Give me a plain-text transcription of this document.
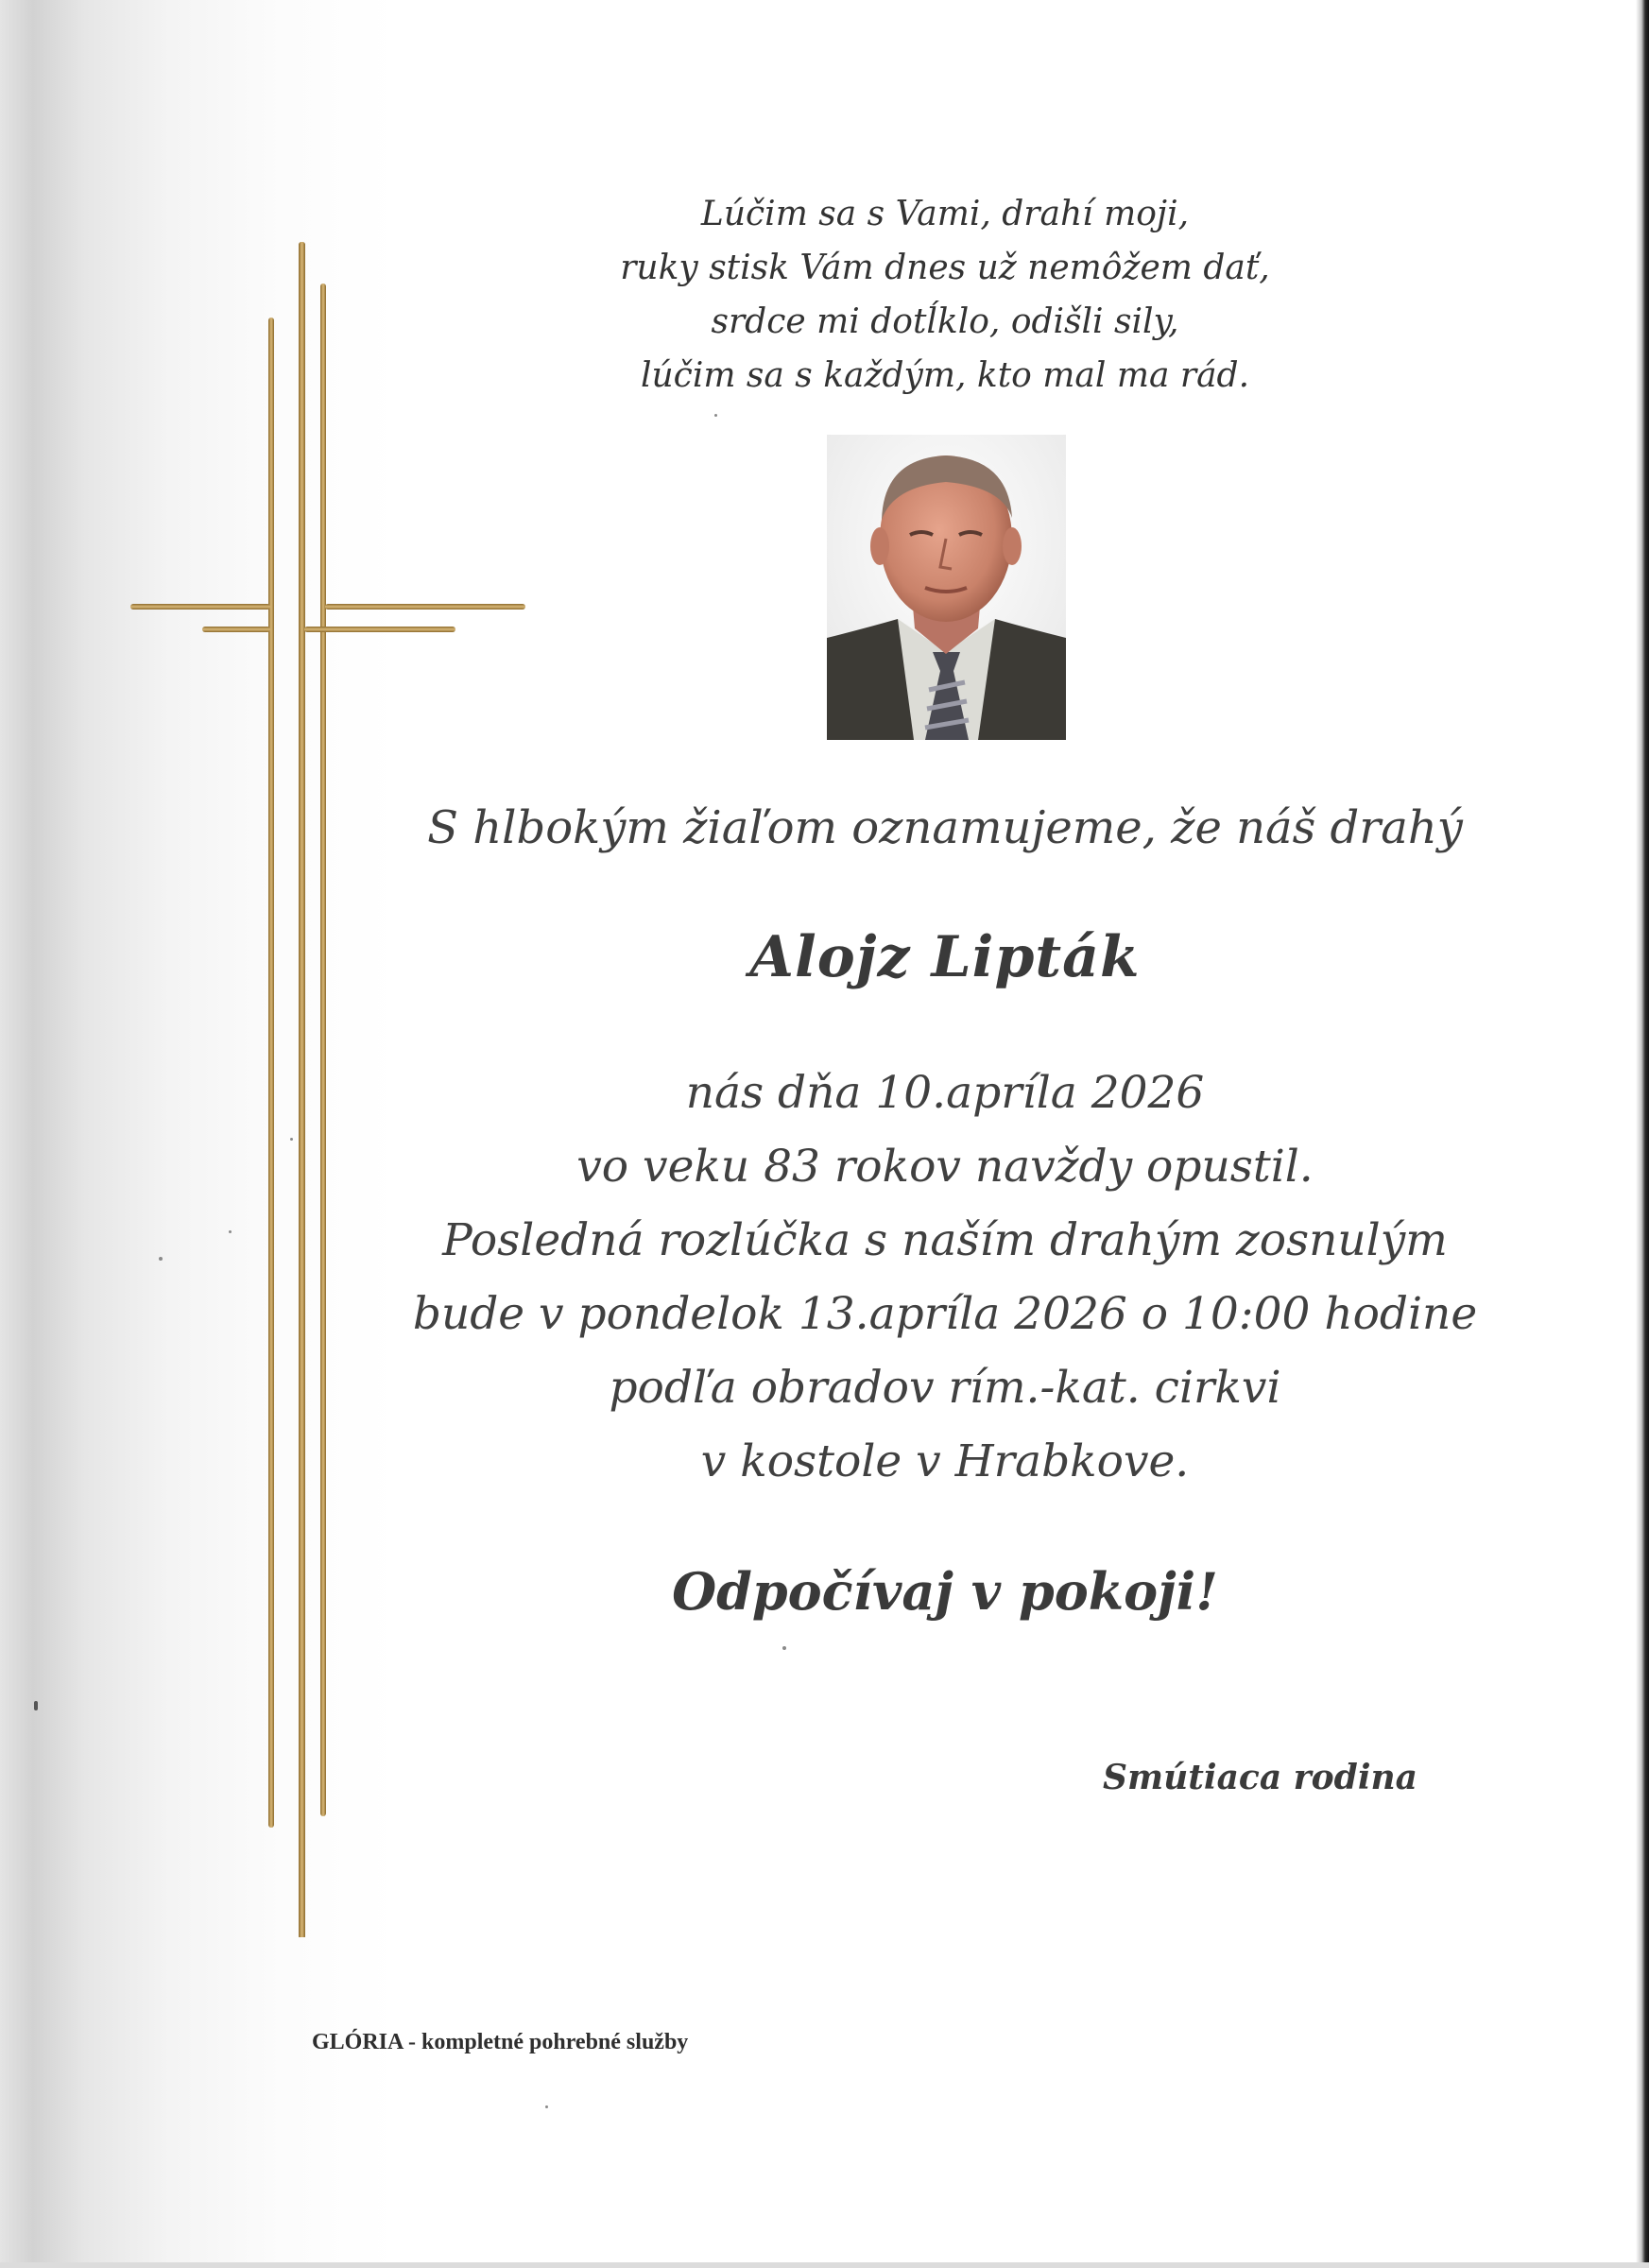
Lúčim sa s Vami, drahí moji,
ruky stisk Vám dnes už nemôžem dať,
srdce mi dotĺklo, odišli sily,
lúčim sa s každým, kto mal ma rád.
S hlbokým žiaľom oznamujeme, že náš drahý
Alojz Lipták
nás dňa 10.apríla 2026
vo veku 83 rokov navždy opustil.
Posledná rozlúčka s naším drahým zosnulým
bude v pondelok 13.apríla 2026 o 10:00 hodine
podľa obradov rím.-kat. cirkvi
v kostole v Hrabkove.
Odpočívaj v pokoji!
Smútiaca rodina
GLÓRIA - kompletné pohrebné služby
